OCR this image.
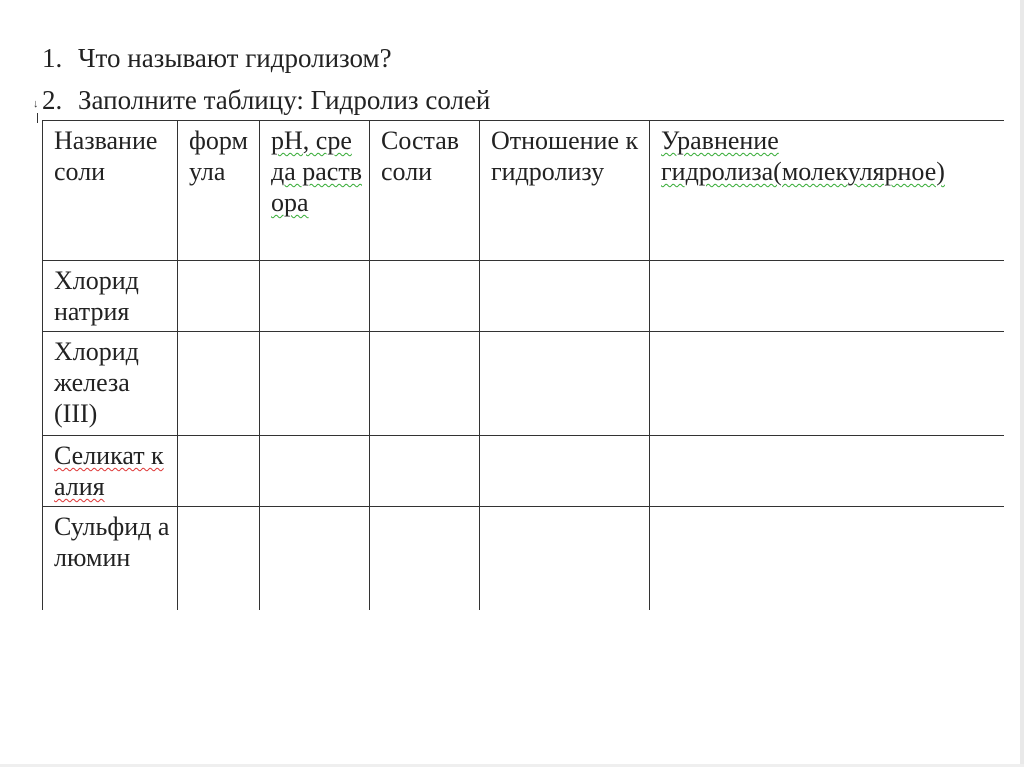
1. Что называют гидролизом?
↓ 2. Заполните таблицу: Гидролиз солей
Название соли	формула	рН, среда раствора	Состав соли	Отношение к гидролизу	Уравнение гидролиза(молекулярное)
Хлорид натрия					
Хлорид железа (III)					
Селикат калия					
Сульфид алюмин					
